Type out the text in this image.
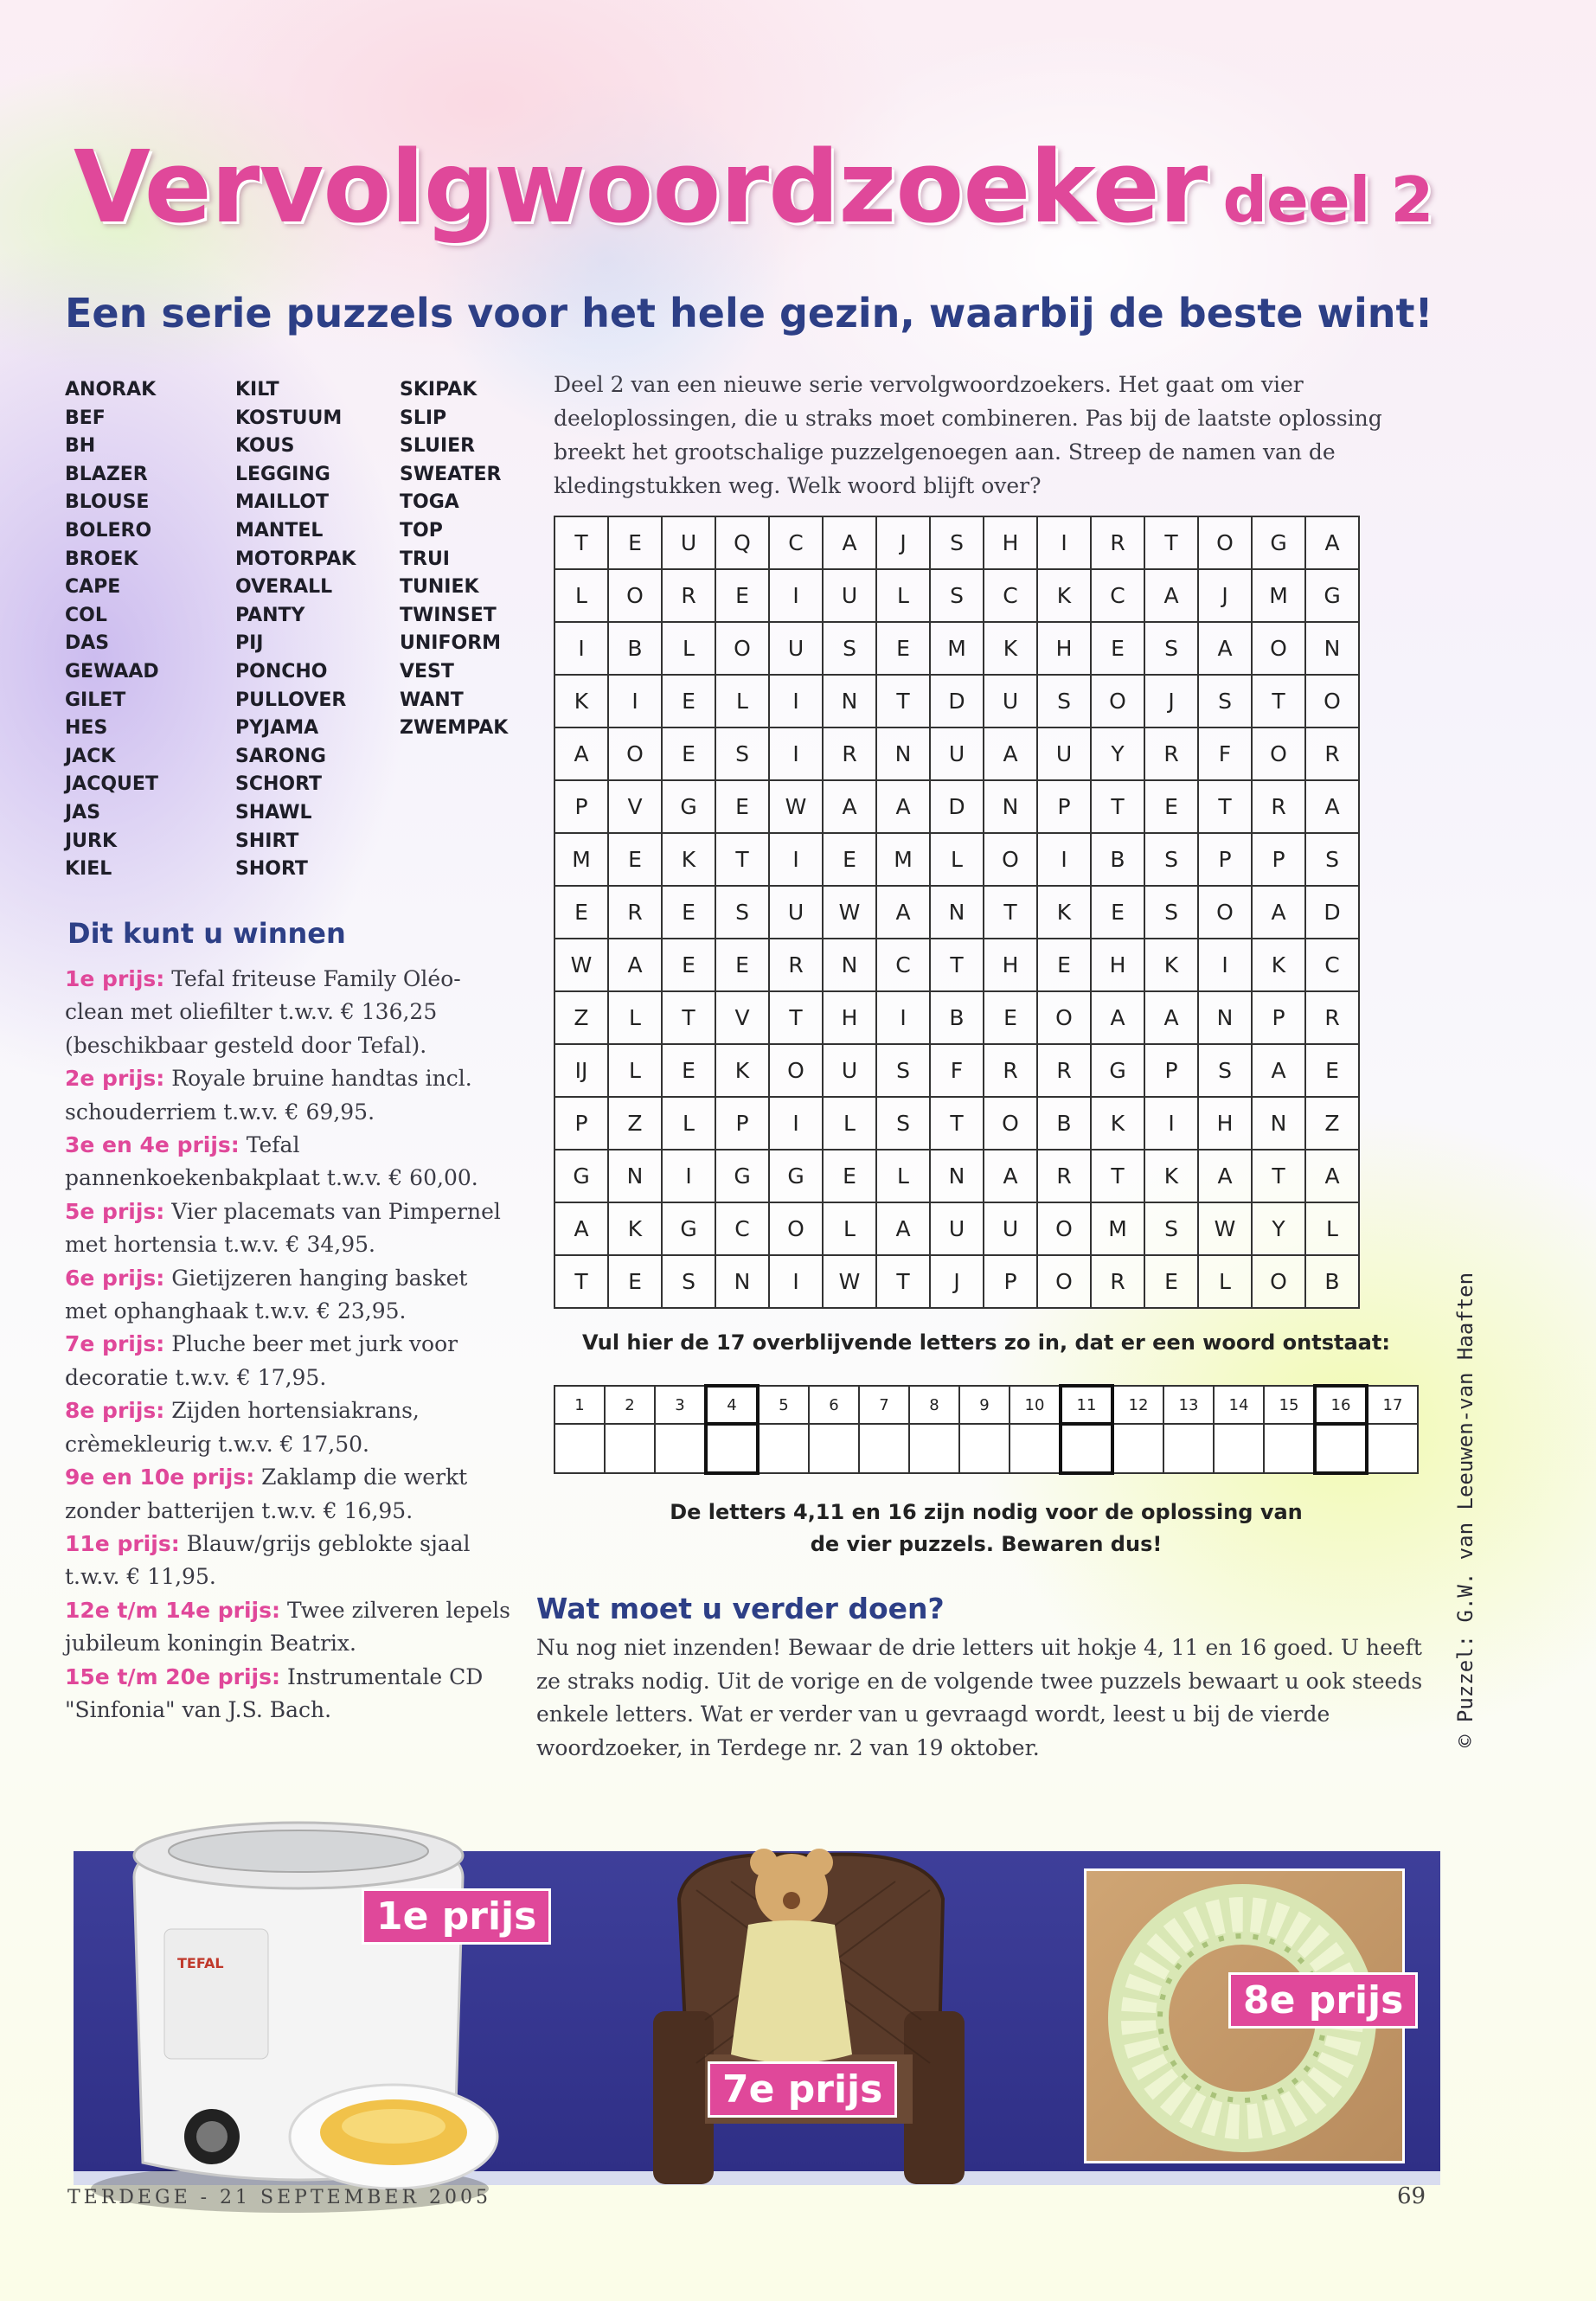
Vervolgwoordzoeker deel 2
Een serie puzzels voor het hele gezin, waarbij de beste wint!
ANORAK
BEF
BH
BLAZER
BLOUSE
BOLERO
BROEK
CAPE
COL
DAS
GEWAAD
GILET
HES
JACK
JACQUET
JAS
JURK
KIEL
KILT
KOSTUUM
KOUS
LEGGING
MAILLOT
MANTEL
MOTORPAK
OVERALL
PANTY
PIJ
PONCHO
PULLOVER
PYJAMA
SARONG
SCHORT
SHAWL
SHIRT
SHORT
SKIPAK
SLIP
SLUIER
SWEATER
TOGA
TOP
TRUI
TUNIEK
TWINSET
UNIFORM
VEST
WANT
ZWEMPAK
Deel 2 van een nieuwe serie vervolgwoordzoekers. Het gaat om vier deeloplossingen, die u straks moet combineren. Pas bij de laatste oplossing breekt het grootschalige puzzelgenoegen aan. Streep de namen van de kledingstukken weg. Welk woord blijft over?
T	E	U	Q	C	A	J	S	H	I	R	T	O	G	A
L	O	R	E	I	U	L	S	C	K	C	A	J	M	G
I	B	L	O	U	S	E	M	K	H	E	S	A	O	N
K	I	E	L	I	N	T	D	U	S	O	J	S	T	O
A	O	E	S	I	R	N	U	A	U	Y	R	F	O	R
P	V	G	E	W	A	A	D	N	P	T	E	T	R	A
M	E	K	T	I	E	M	L	O	I	B	S	P	P	S
E	R	E	S	U	W	A	N	T	K	E	S	O	A	D
W	A	E	E	R	N	C	T	H	E	H	K	I	K	C
Z	L	T	V	T	H	I	B	E	O	A	A	N	P	R
IJ	L	E	K	O	U	S	F	R	R	G	P	S	A	E
P	Z	L	P	I	L	S	T	O	B	K	I	H	N	Z
G	N	I	G	G	E	L	N	A	R	T	K	A	T	A
A	K	G	C	O	L	A	U	U	O	M	S	W	Y	L
T	E	S	N	I	W	T	J	P	O	R	E	L	O	B
Vul hier de 17 overblijvende letters zo in, dat er een woord ontstaat:
1	2	3	4	5	6	7	8	9	10	11	12	13	14	15	16	17

De letters 4,11 en 16 zijn nodig voor de oplossing van
de vier puzzels. Bewaren dus!
Dit kunt u winnen
1e prijs: Tefal friteuse Family Oléo-clean met oliefilter t.w.v. € 136,25 (beschikbaar gesteld door Tefal).
2e prijs: Royale bruine handtas incl. schouderriem t.w.v. € 69,95.
3e en 4e prijs: Tefal pannenkoekenbakplaat t.w.v. € 60,00.
5e prijs: Vier placemats van Pimpernel met hortensia t.w.v. € 34,95.
6e prijs: Gietijzeren hanging basket met ophanghaak t.w.v. € 23,95.
7e prijs: Pluche beer met jurk voor decoratie t.w.v. € 17,95.
8e prijs: Zijden hortensiakrans, crèmekleurig t.w.v. € 17,50.
9e en 10e prijs: Zaklamp die werkt zonder batterijen t.w.v. € 16,95.
11e prijs: Blauw/grijs geblokte sjaal t.w.v. € 11,95.
12e t/m 14e prijs: Twee zilveren lepels jubileum koningin Beatrix.
15e t/m 20e prijs: Instrumentale CD "Sinfonia" van J.S. Bach.
Wat moet u verder doen?
Nu nog niet inzenden! Bewaar de drie letters uit hokje 4, 11 en 16 goed. U heeft ze straks nodig. Uit de vorige en de volgende twee puzzels bewaart u ook steeds enkele letters. Wat er verder van u gevraagd wordt, leest u bij de vierde woordzoeker, in Terdege nr. 2 van 19 oktober.	© Puzzel: G.W. van Leeuwen-van Haaften
TEFAL
1e prijs
7e prijs
8e prijs
TERDEGE - 21 SEPTEMBER 2005	69
